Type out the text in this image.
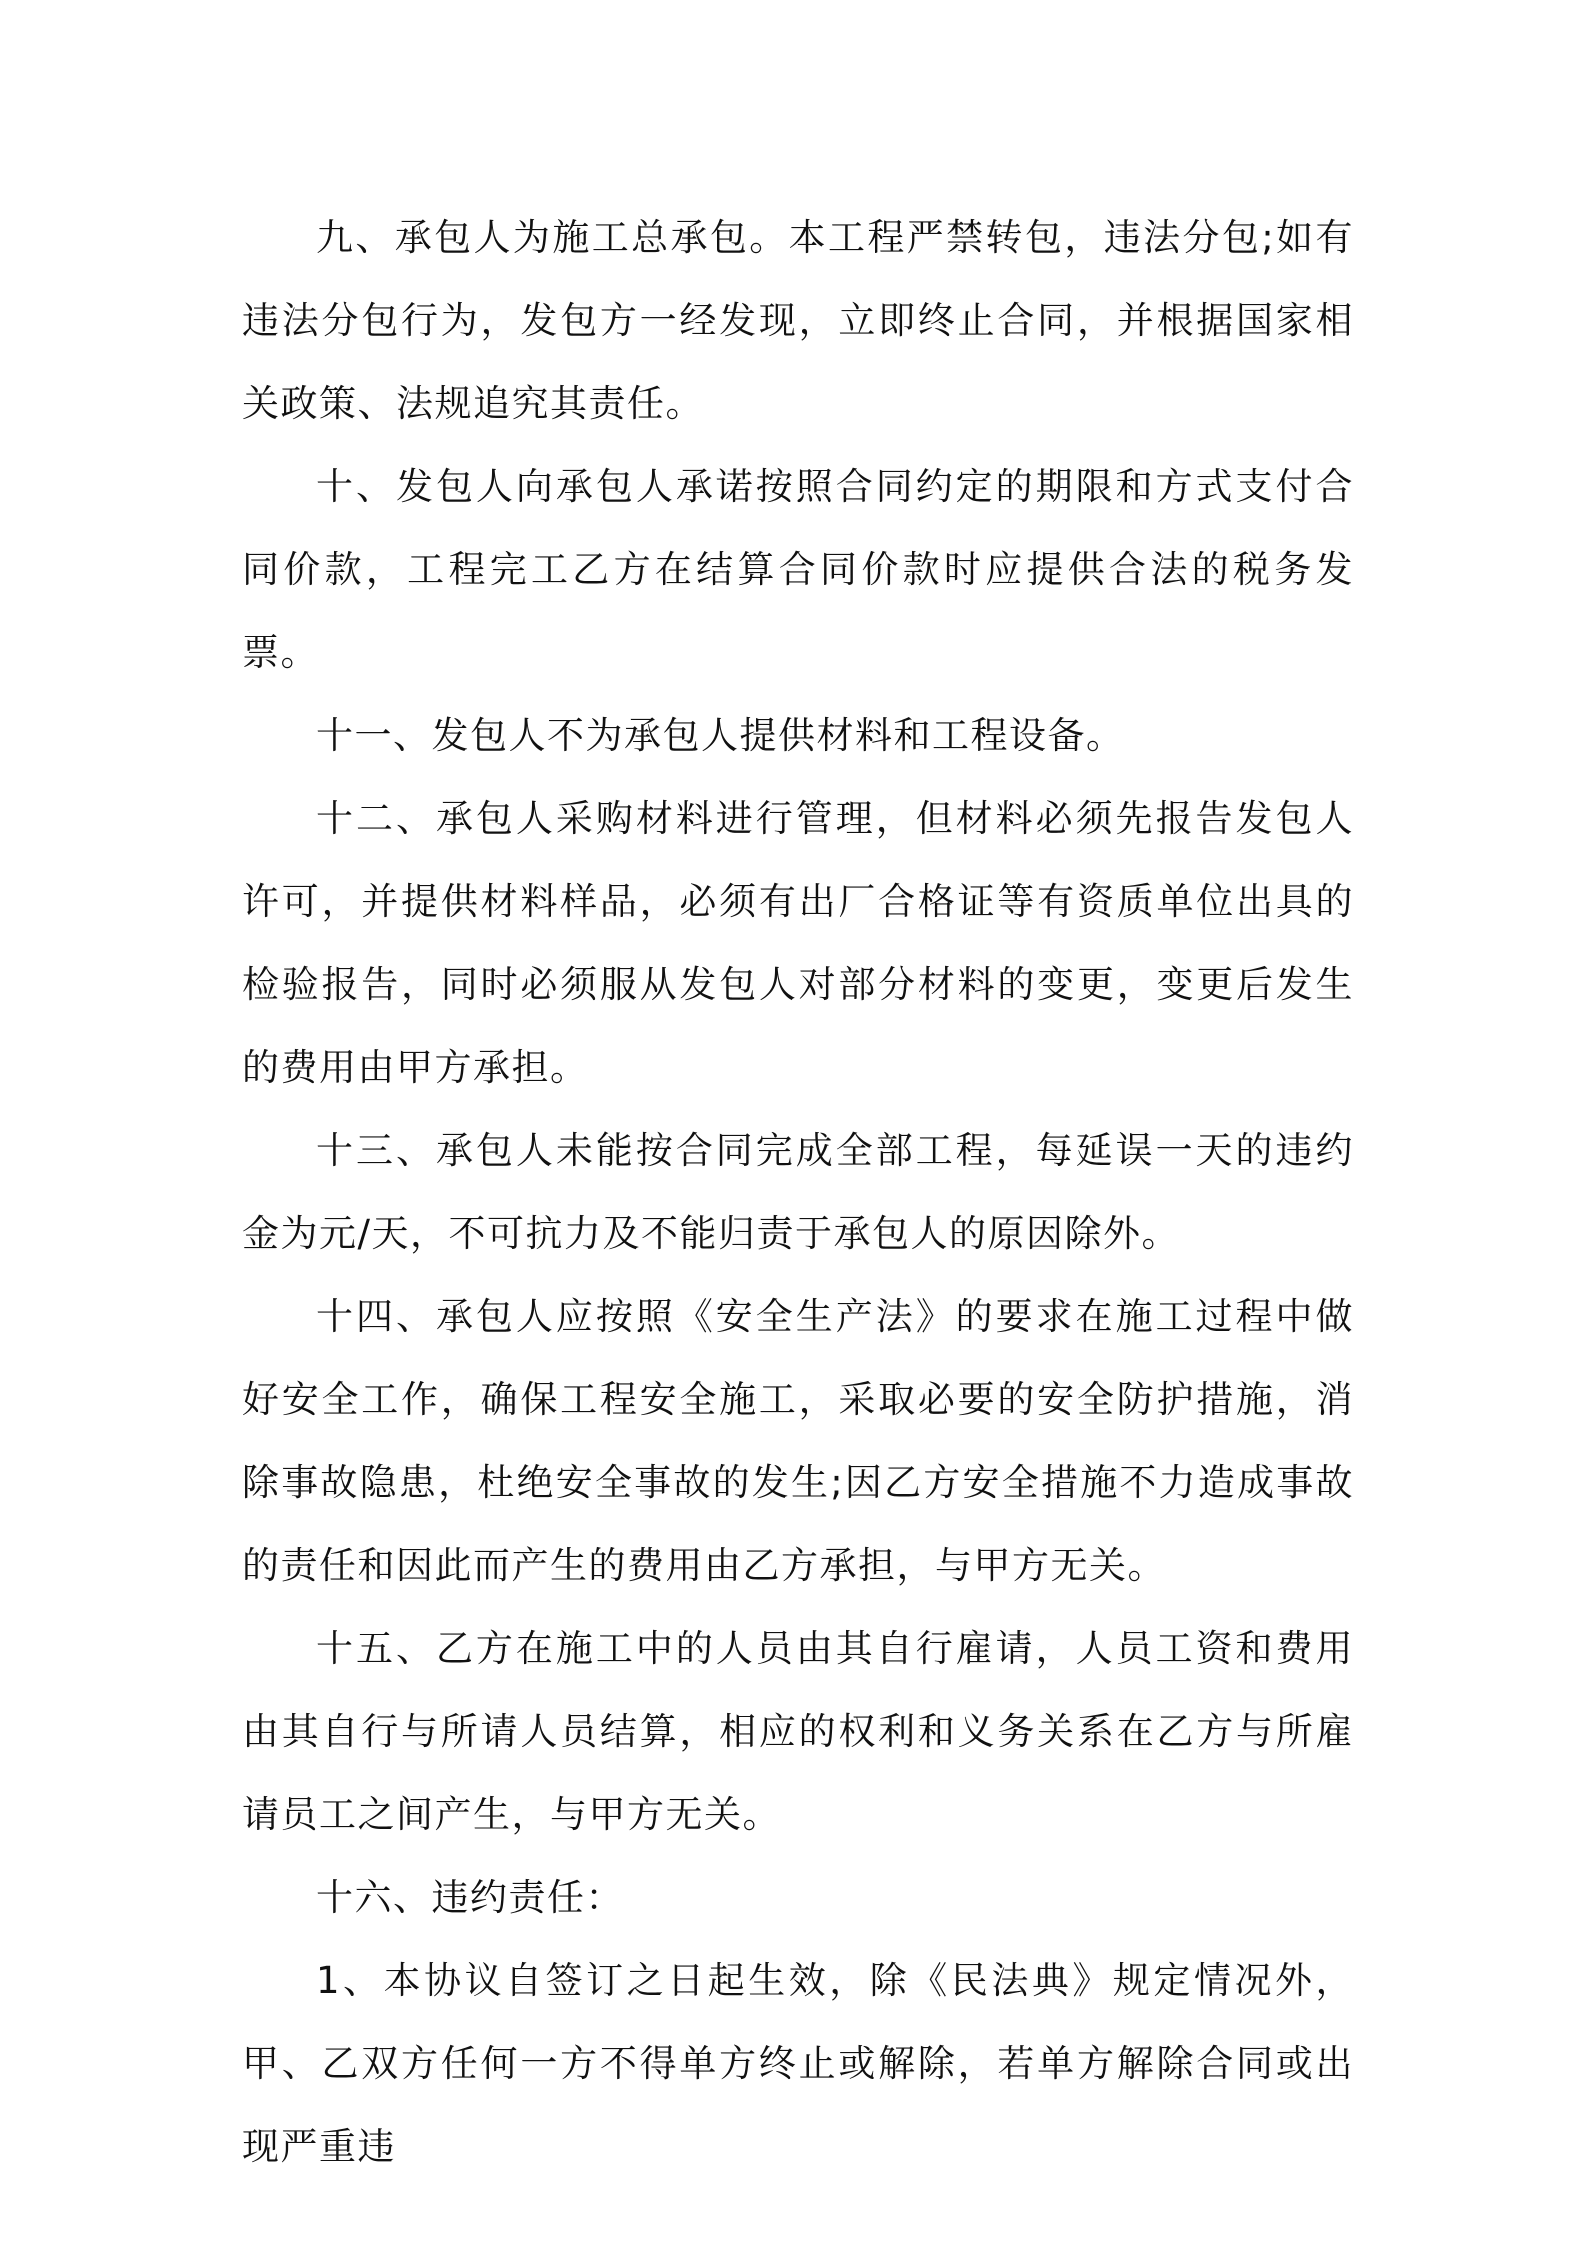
九、承包人为施工总承包。本工程严禁转包，违法分包;如有违法分包行为，发包方一经发现，立即终止合同，并根据国家相关政策、法规追究其责任。

十、发包人向承包人承诺按照合同约定的期限和方式支付合同价款，工程完工乙方在结算合同价款时应提供合法的税务发票。

十一、发包人不为承包人提供材料和工程设备。

十二、承包人采购材料进行管理，但材料必须先报告发包人许可，并提供材料样品，必须有出厂合格证等有资质单位出具的检验报告，同时必须服从发包人对部分材料的变更，变更后发生的费用由甲方承担。

十三、承包人未能按合同完成全部工程，每延误一天的违约金为元/天，不可抗力及不能归责于承包人的原因除外。

十四、承包人应按照《安全生产法》的要求在施工过程中做好安全工作，确保工程安全施工，采取必要的安全防护措施，消除事故隐患，杜绝安全事故的发生;因乙方安全措施不力造成事故的责任和因此而产生的费用由乙方承担，与甲方无关。

十五、乙方在施工中的人员由其自行雇请，人员工资和费用由其自行与所请人员结算，相应的权利和义务关系在乙方与所雇请员工之间产生，与甲方无关。

十六、违约责任：

1、本协议自签订之日起生效，除《民法典》规定情况外，甲、乙双方任何一方不得单方终止或解除，若单方解除合同或出现严重违
